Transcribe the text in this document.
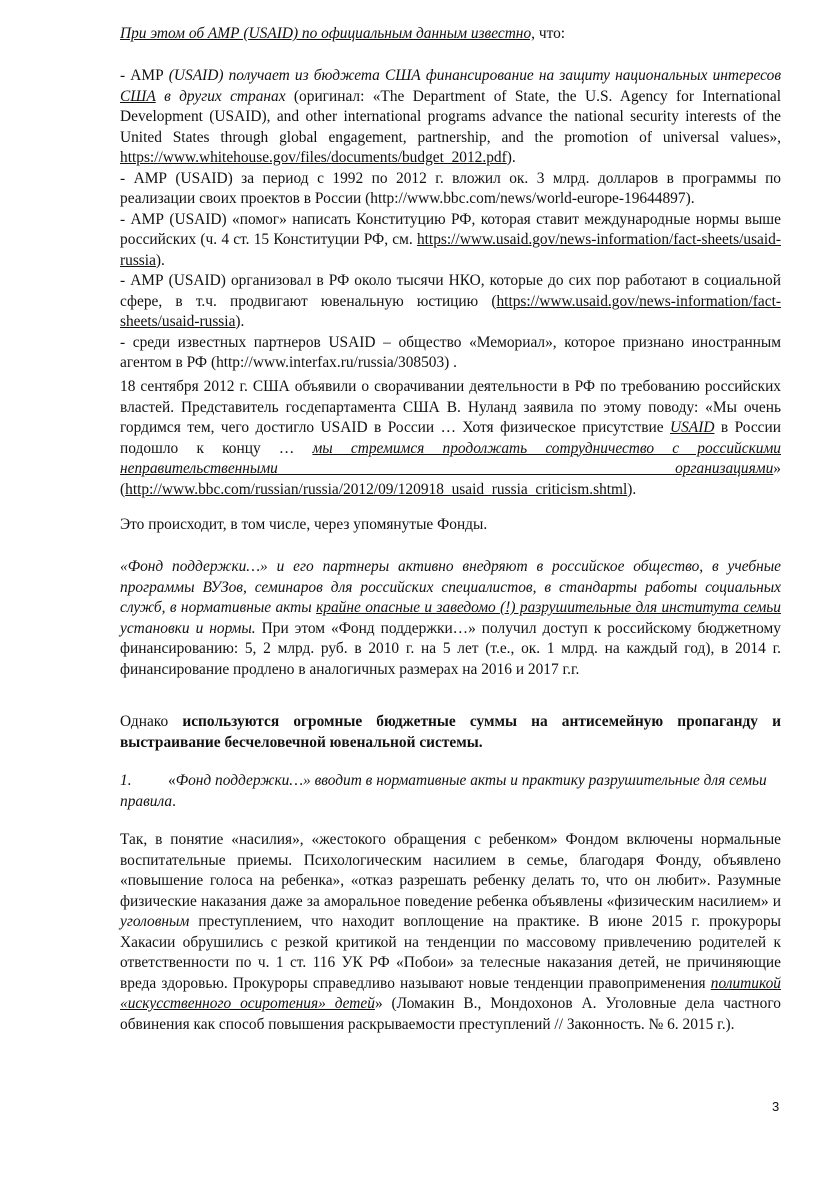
При этом об АМР (USAID) по официальным данным известно, что:

- АМР (USAID) получает из бюджета США финансирование на защиту национальных интересов США в других странах (оригинал: «The Department of State, the U.S. Agency for International Development (USAID), and other international programs advance the national security interests of the United States through global engagement, partnership, and the promotion of universal values», https://www.whitehouse.gov/files/documents/budget_2012.pdf).

- АМР (USAID) за период с 1992 по 2012 г. вложил ок. 3 млрд. долларов в программы по реализации своих проектов в России (http://www.bbc.com/news/world-europe-19644897).

- АМР (USAID) «помог» написать Конституцию РФ, которая ставит международные нормы выше российских (ч. 4 ст. 15 Конституции РФ, см. https://www.usaid.gov/news-information/fact-sheets/usaid-russia).

- АМР (USAID) организовал в РФ около тысячи НКО, которые до сих пор работают в социальной сфере, в т.ч. продвигают ювенальную юстицию (https://www.usaid.gov/news-information/fact-sheets/usaid-russia).

- среди известных партнеров USAID – общество «Мемориал», которое признано иностранным агентом в РФ (http://www.interfax.ru/russia/308503) .

18 сентября 2012 г. США объявили о сворачивании деятельности в РФ по требованию российских властей. Представитель госдепартамента США В. Нуланд заявила по этому поводу: «Мы очень гордимся тем, чего достигло USAID в России … Хотя физическое присутствие USAID в России подошло к концу … мы стремимся продолжать сотрудничество с российскими неправительственными организациями» (http://www.bbc.com/russian/russia/2012/09/120918_usaid_russia_criticism.shtml).

Это происходит, в том числе, через упомянутые Фонды.

«Фонд поддержки…» и его партнеры активно внедряют в российское общество, в учебные программы ВУЗов, семинаров для российских специалистов, в стандарты работы социальных служб, в нормативные акты крайне опасные и заведомо (!) разрушительные для института семьи установки и нормы. При этом «Фонд поддержки…» получил доступ к российскому бюджетному финансированию: 5, 2 млрд. руб. в 2010 г. на 5 лет (т.е., ок. 1 млрд. на каждый год), в 2014 г. финансирование продлено в аналогичных размерах на 2016 и 2017 г.г.

Однако используются огромные бюджетные суммы на антисемейную пропаганду и выстраивание бесчеловечной ювенальной системы.

1. «Фонд поддержки…» вводит в нормативные акты и практику разрушительные для семьи правила.

Так, в понятие «насилия», «жестокого обращения с ребенком» Фондом включены нормальные воспитательные приемы. Психологическим насилием в семье, благодаря Фонду, объявлено «повышение голоса на ребенка», «отказ разрешать ребенку делать то, что он любит». Разумные физические наказания даже за аморальное поведение ребенка объявлены «физическим насилием» и уголовным преступлением, что находит воплощение на практике. В июне 2015 г. прокуроры Хакасии обрушились с резкой критикой на тенденции по массовому привлечению родителей к ответственности по ч. 1 ст. 116 УК РФ «Побои» за телесные наказания детей, не причиняющие вреда здоровью. Прокуроры справедливо называют новые тенденции правоприменения политикой «искусственного осиротения» детей» (Ломакин В., Мондохонов А. Уголовные дела частного обвинения как способ повышения раскрываемости преступлений // Законность. № 6. 2015 г.).

3
